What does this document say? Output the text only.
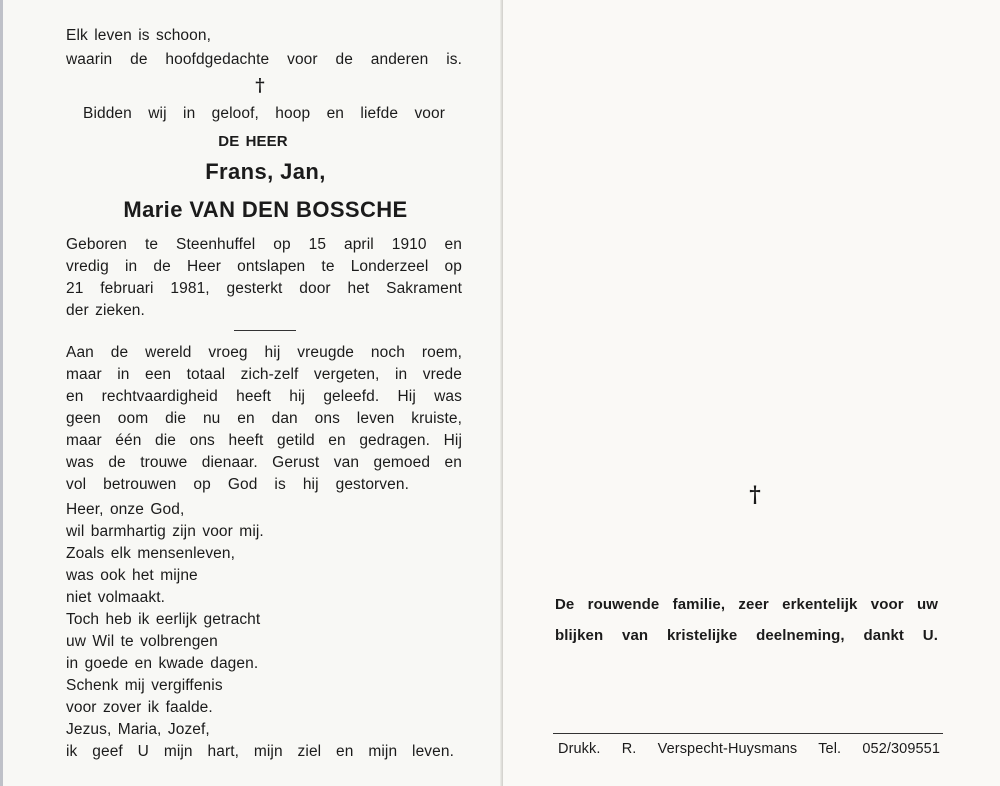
Elk leven is schoon,
waarin de hoofdgedachte voor de anderen is.
†
Bidden wij in geloof, hoop en liefde voor
DE HEER
Frans, Jan,
Marie VAN DEN BOSSCHE
Geboren te Steenhuffel op 15 april 1910 en
vredig in de Heer ontslapen te Londerzeel op
21 februari 1981, gesterkt door het Sakrament
der zieken.
Aan de wereld vroeg hij vreugde noch roem,
maar in een totaal zich-zelf vergeten, in vrede
en rechtvaardigheid heeft hij geleefd. Hij was
geen oom die nu en dan ons leven kruiste,
maar één die ons heeft getild en gedragen. Hij
was de trouwe dienaar. Gerust van gemoed en
vol betrouwen op God is hij gestorven.
Heer, onze God,
wil barmhartig zijn voor mij.
Zoals elk mensenleven,
was ook het mijne
niet volmaakt.
Toch heb ik eerlijk getracht
uw Wil te volbrengen
in goede en kwade dagen.
Schenk mij vergiffenis
voor zover ik faalde.
Jezus, Maria, Jozef,
ik geef U mijn hart, mijn ziel en mijn leven.
†
De rouwende familie, zeer erkentelijk voor uw
blijken van kristelijke deelneming, dankt U.
Drukk. R. Verspecht-Huysmans Tel. 052/309551
